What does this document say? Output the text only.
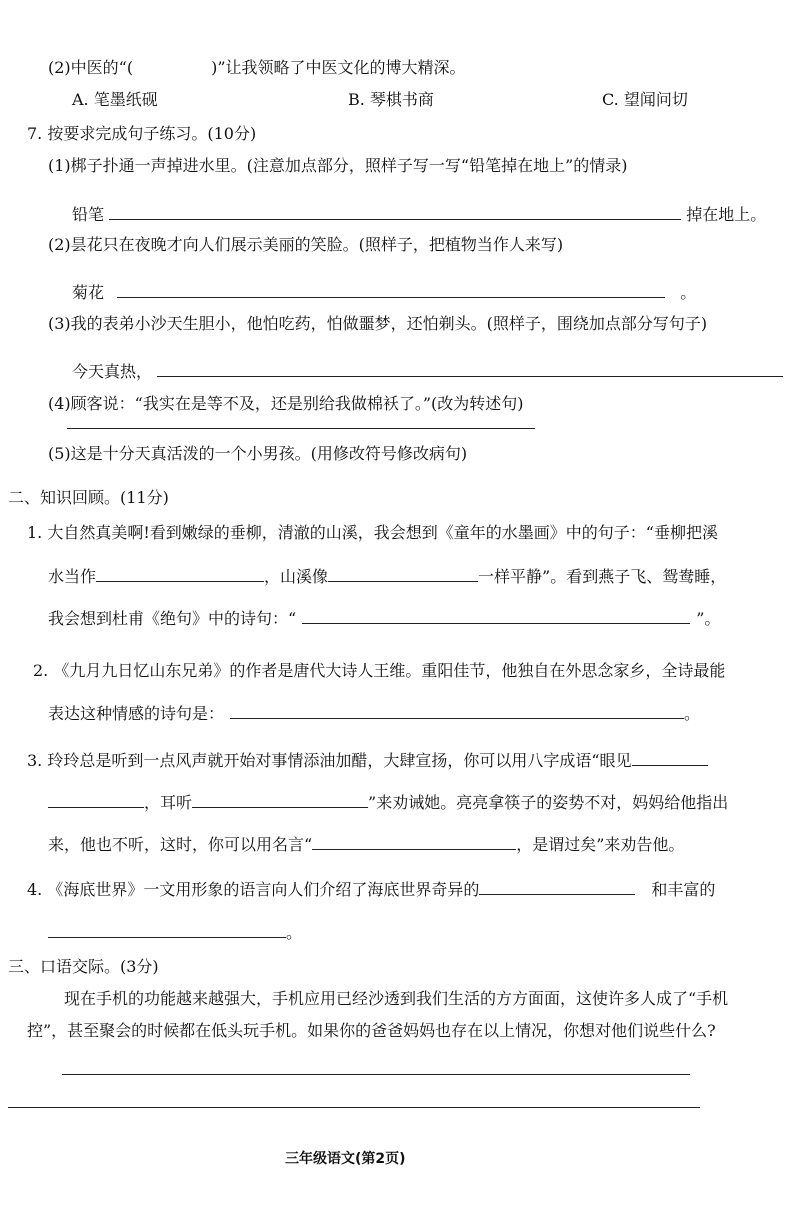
(2)中医的“(	)”让我领略了中医文化的博大精深。
A. 笔墨纸砚	B. 琴棋书商	C. 望闻问切
7. 按要求完成句子练习。(10分)
(1)梆子扑通一声掉进水里。(注意加点部分，照样子写一写“铅笔掉在地上”的情录)
铅笔	掉在地上。
(2)昙花只在夜晚才向人们展示美丽的笑脸。(照样子，把植物当作人来写)
菊花	。
(3)我的表弟小沙天生胆小，他怕吃药，怕做噩梦，还怕剃头。(照样子，围绕加点部分写句子)
今天真热，
(4)顾客说：“我实在是等不及，还是别给我做棉袄了。”(改为转述句)
(5)这是十分天真活泼的一个小男孩。(用修改符号修改病句)
二、知识回顾。(11分)
1. 大自然真美啊!看到嫩绿的垂柳，清澈的山溪，我会想到《童年的水墨画》中的句子：“垂柳把溪
水当作	，山溪像	一样平静”。看到燕子飞、鸳鸯睡，
我会想到杜甫《绝句》中的诗句：“	”。
2. 《九月九日忆山东兄弟》的作者是唐代大诗人王维。重阳佳节，他独自在外思念家乡，全诗最能
表达这种情感的诗句是：	。
3. 玲玲总是听到一点风声就开始对事情添油加醋，大肆宣扬，你可以用八字成语“眼见
，耳听	”来劝诫她。亮亮拿筷子的姿势不对，妈妈给他指出
来，他也不听，这时，你可以用名言“	，是谓过矣”来劝告他。
4. 《海底世界》一文用形象的语言向人们介绍了海底世界奇异的	和丰富的
。
三、口语交际。(3分)
现在手机的功能越来越强大，手机应用已经沙透到我们生活的方方面面，这使许多人成了“手机
控”，甚至聚会的时候都在低头玩手机。如果你的爸爸妈妈也存在以上情况，你想对他们说些什么?
三年级语文(第2页)
